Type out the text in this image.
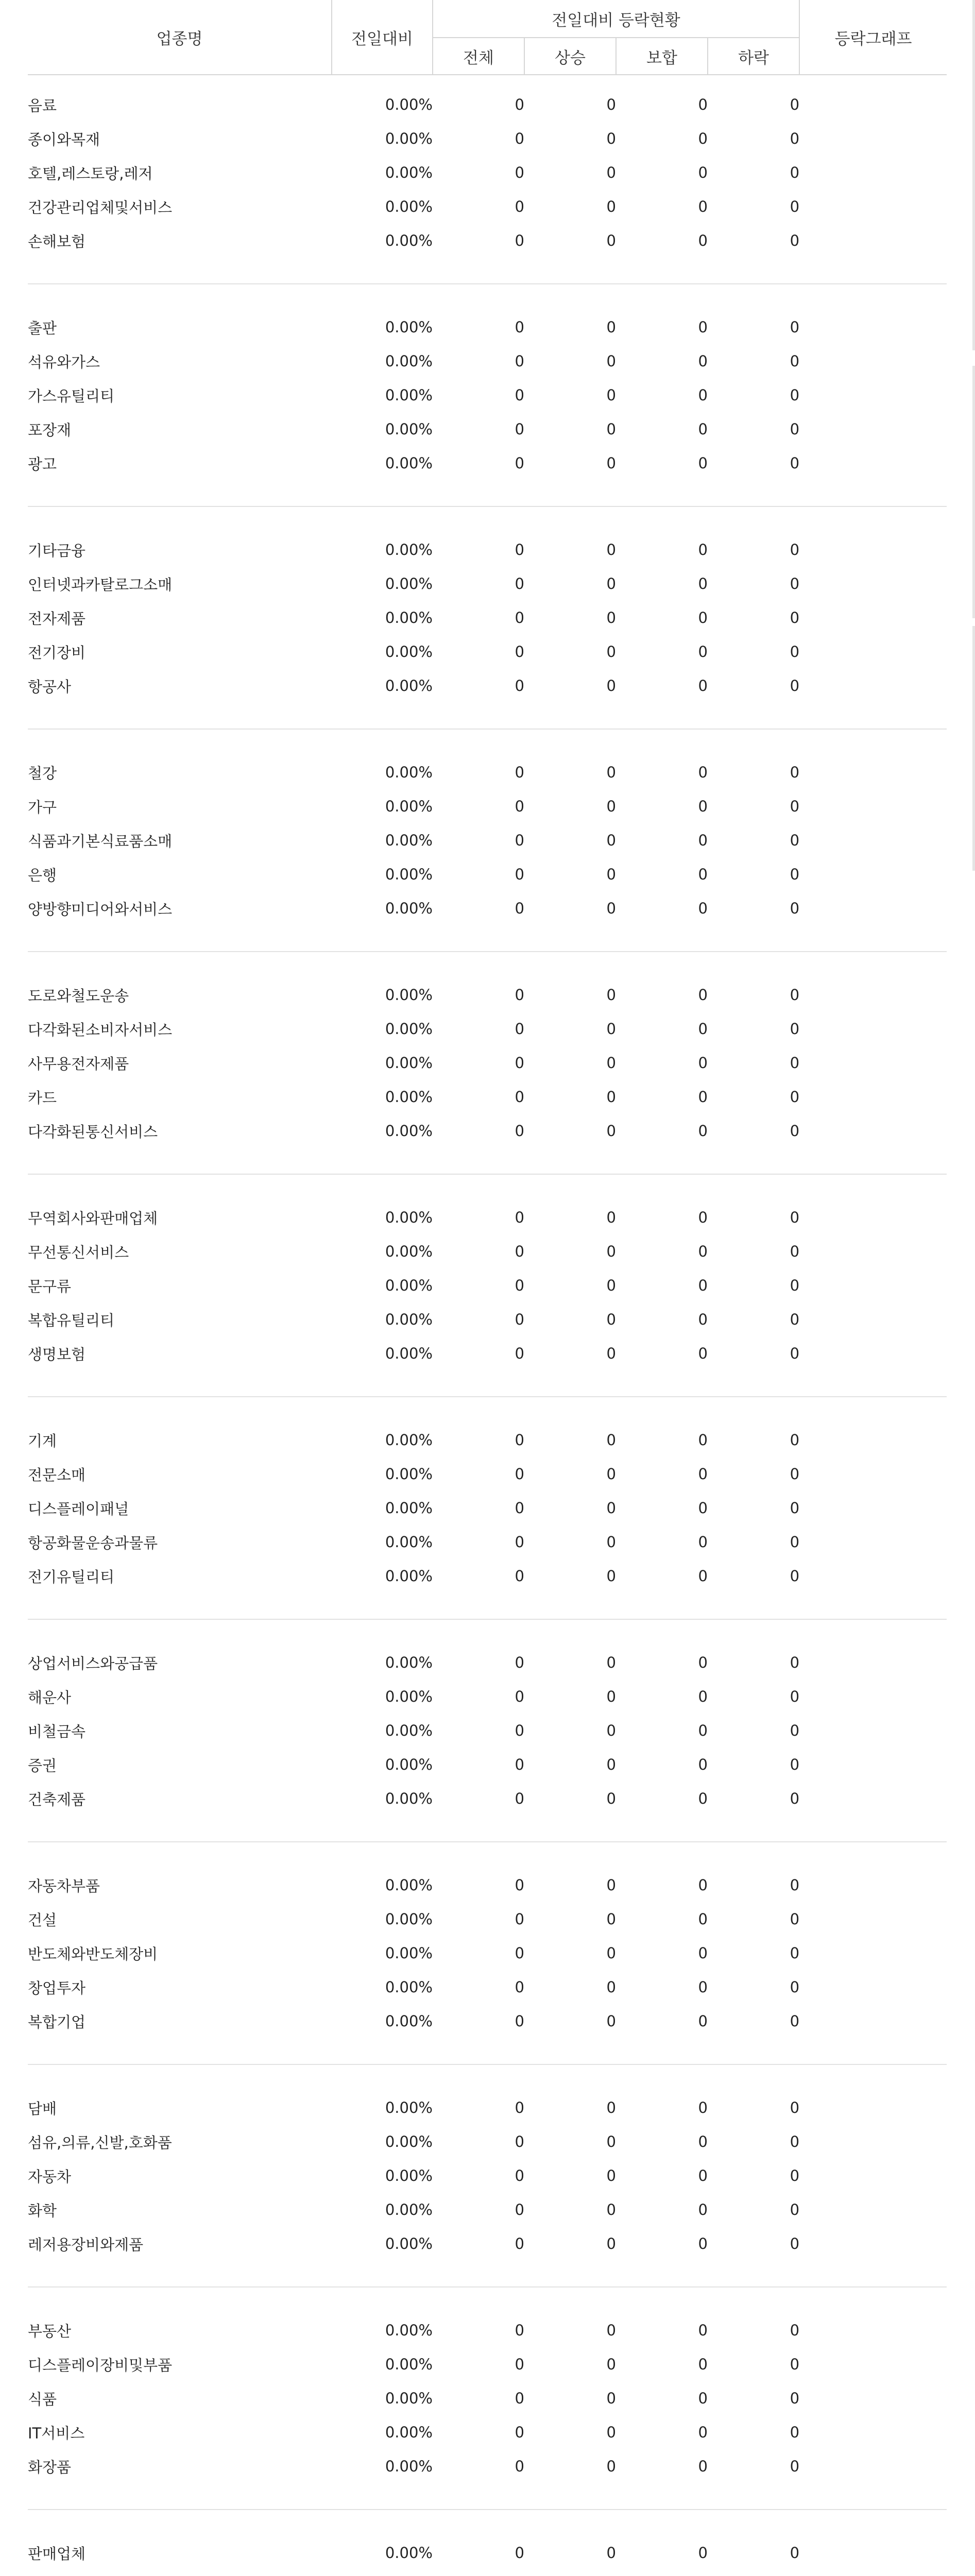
업종명	전일대비	전일대비 등락현황				등락그래프
		전체	상승	보합	하락	

음료	0.00%	0	0	0	0	
종이와목재	0.00%	0	0	0	0	
호텔,레스토랑,레저	0.00%	0	0	0	0	
건강관리업체및서비스	0.00%	0	0	0	0	
손해보험	0.00%	0	0	0	0	

출판	0.00%	0	0	0	0	
석유와가스	0.00%	0	0	0	0	
가스유틸리티	0.00%	0	0	0	0	
포장재	0.00%	0	0	0	0	
광고	0.00%	0	0	0	0	

기타금융	0.00%	0	0	0	0	
인터넷과카탈로그소매	0.00%	0	0	0	0	
전자제품	0.00%	0	0	0	0	
전기장비	0.00%	0	0	0	0	
항공사	0.00%	0	0	0	0	

철강	0.00%	0	0	0	0	
가구	0.00%	0	0	0	0	
식품과기본식료품소매	0.00%	0	0	0	0	
은행	0.00%	0	0	0	0	
양방향미디어와서비스	0.00%	0	0	0	0	

도로와철도운송	0.00%	0	0	0	0	
다각화된소비자서비스	0.00%	0	0	0	0	
사무용전자제품	0.00%	0	0	0	0	
카드	0.00%	0	0	0	0	
다각화된통신서비스	0.00%	0	0	0	0	

무역회사와판매업체	0.00%	0	0	0	0	
무선통신서비스	0.00%	0	0	0	0	
문구류	0.00%	0	0	0	0	
복합유틸리티	0.00%	0	0	0	0	
생명보험	0.00%	0	0	0	0	

기계	0.00%	0	0	0	0	
전문소매	0.00%	0	0	0	0	
디스플레이패널	0.00%	0	0	0	0	
항공화물운송과물류	0.00%	0	0	0	0	
전기유틸리티	0.00%	0	0	0	0	

상업서비스와공급품	0.00%	0	0	0	0	
해운사	0.00%	0	0	0	0	
비철금속	0.00%	0	0	0	0	
증권	0.00%	0	0	0	0	
건축제품	0.00%	0	0	0	0	

자동차부품	0.00%	0	0	0	0	
건설	0.00%	0	0	0	0	
반도체와반도체장비	0.00%	0	0	0	0	
창업투자	0.00%	0	0	0	0	
복합기업	0.00%	0	0	0	0	

담배	0.00%	0	0	0	0	
섬유,의류,신발,호화품	0.00%	0	0	0	0	
자동차	0.00%	0	0	0	0	
화학	0.00%	0	0	0	0	
레저용장비와제품	0.00%	0	0	0	0	

부동산	0.00%	0	0	0	0	
디스플레이장비및부품	0.00%	0	0	0	0	
식품	0.00%	0	0	0	0	
IT서비스	0.00%	0	0	0	0	
화장품	0.00%	0	0	0	0	

판매업체	0.00%	0	0	0	0	
